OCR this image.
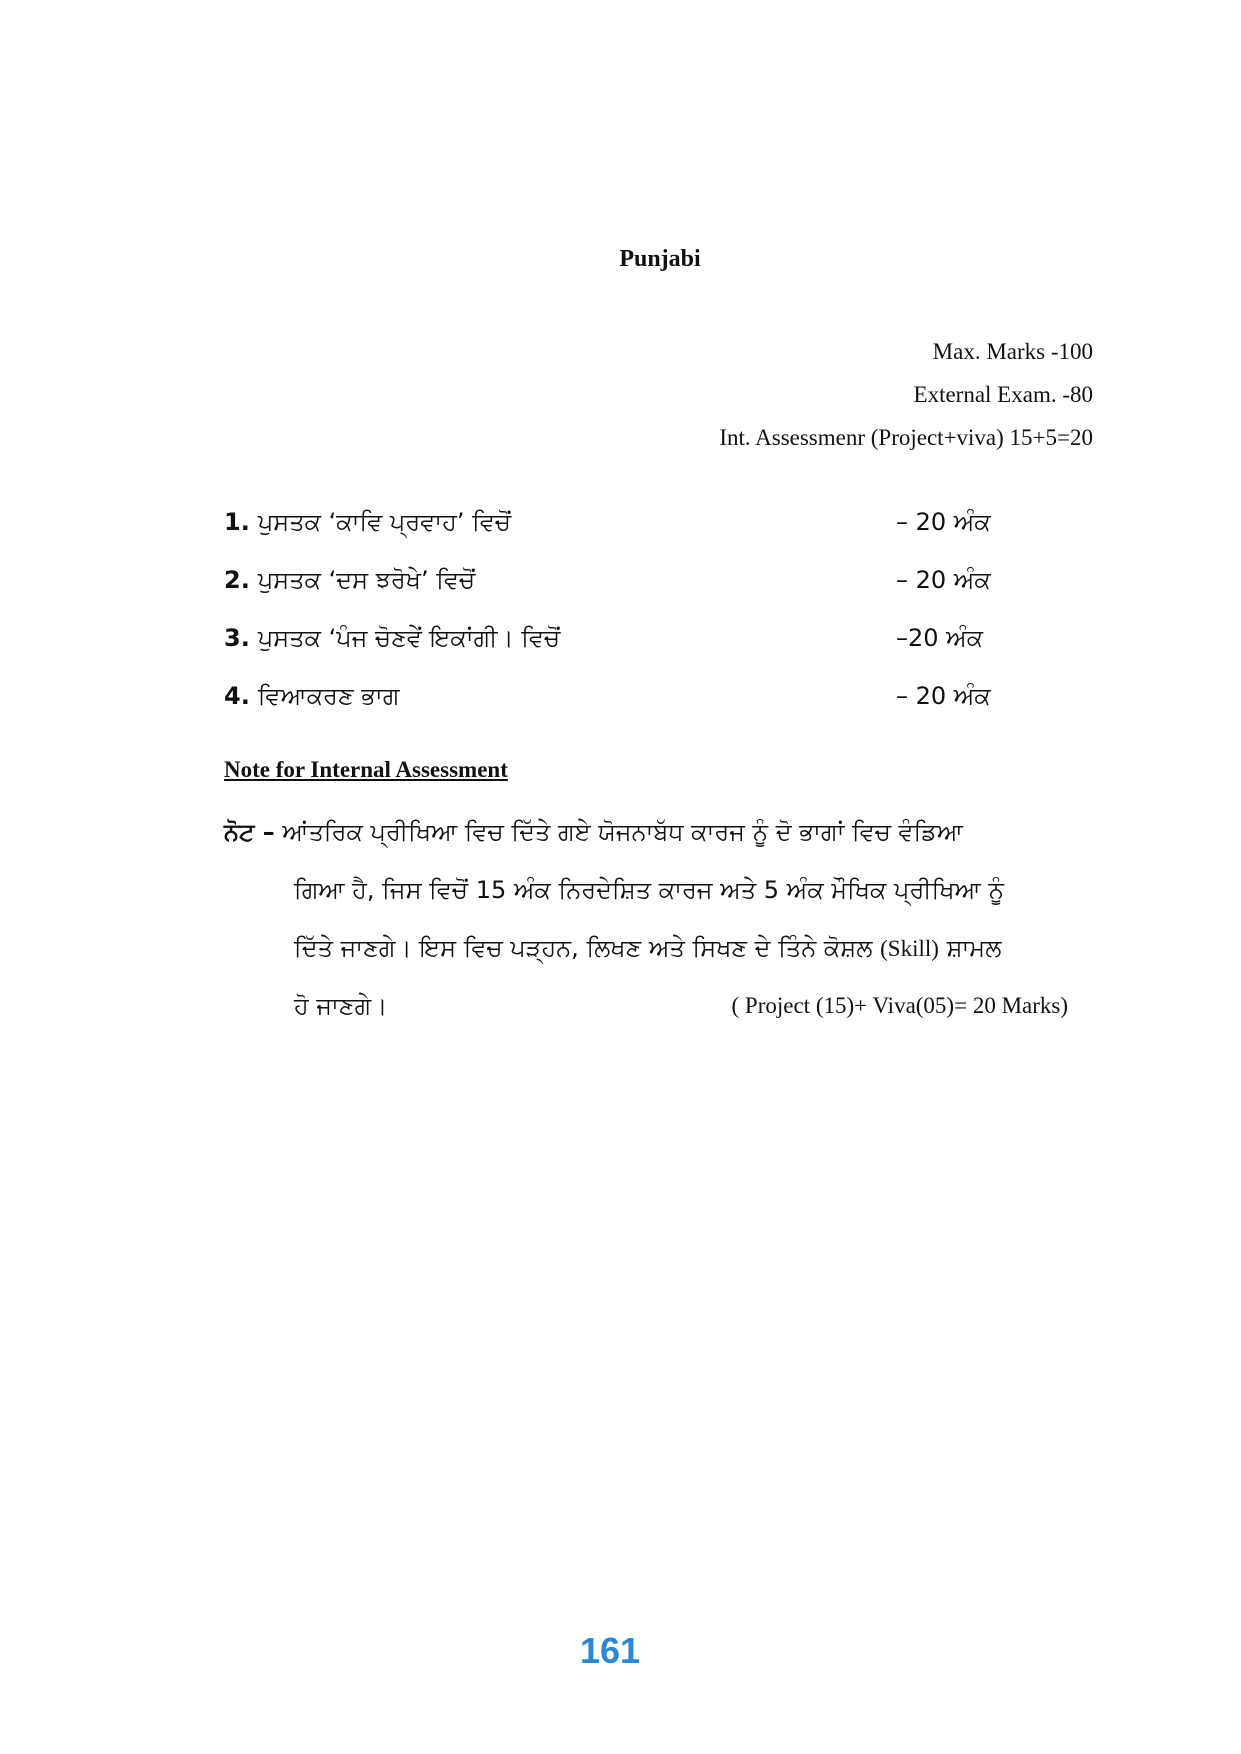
Punjabi
Max. Marks -100
External Exam. -80
Int. Assessmenr (Project+viva) 15+5=20
1. ਪੁਸਤਕ ‘ਕਾਵਿ ਪ੍ਰਵਾਹ’ ਵਿਚੋਂ	– 20 ਅੰਕ
2. ਪੁਸਤਕ ‘ਦਸ ਝਰੋਖੇ’ ਵਿਚੋਂ	– 20 ਅੰਕ
3. ਪੁਸਤਕ ‘ਪੰਜ ਚੋਣਵੇਂ ਇਕਾਂਗੀ। ਵਿਚੋਂ	–20 ਅੰਕ
4. ਵਿਆਕਰਣ ਭਾਗ	– 20 ਅੰਕ
Note for Internal Assessment
ਨੋਟ – ਆਂਤਰਿਕ ਪ੍ਰੀਖਿਆ ਵਿਚ ਦਿੱਤੇ ਗਏ ਯੋਜਨਾਬੱਧ ਕਾਰਜ ਨੂੰ ਦੋ ਭਾਗਾਂ ਵਿਚ ਵੰਡਿਆ
ਗਿਆ ਹੈ, ਜਿਸ ਵਿਚੋਂ 15 ਅੰਕ ਨਿਰਦੇਸ਼ਿਤ ਕਾਰਜ ਅਤੇ 5 ਅੰਕ ਮੌਖਿਕ ਪ੍ਰੀਖਿਆ ਨੂੰ
ਦਿੱਤੇ ਜਾਣਗੇ। ਇਸ ਵਿਚ ਪੜ੍ਹਨ, ਲਿਖਣ ਅਤੇ ਸਿਖਣ ਦੇ ਤਿੰਨੇ ਕੋਸ਼ਲ (Skill) ਸ਼ਾਮਲ
ਹੋ ਜਾਣਗੇ।	( Project (15)+ Viva(05)= 20 Marks)
161
